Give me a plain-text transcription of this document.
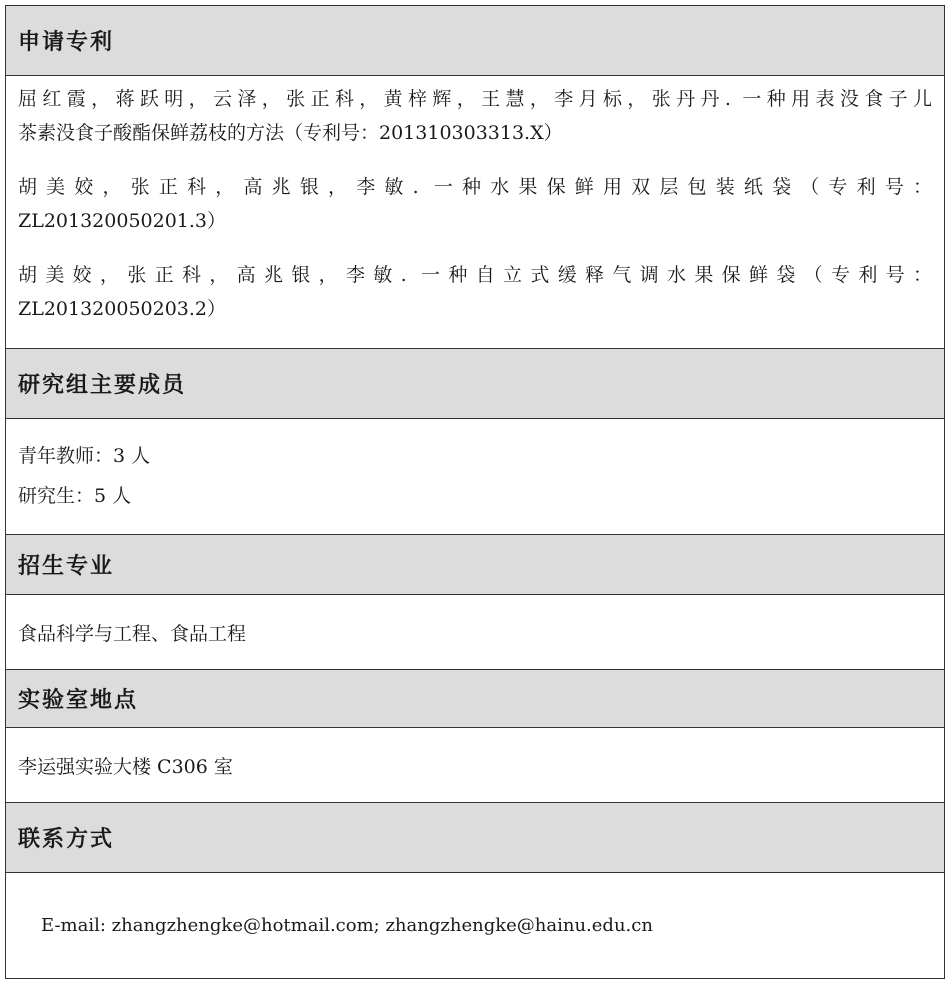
申请专利

屈红霞，蒋跃明，云泽，张正科，黄梓辉，王慧，李月标，张丹丹. 一种用表没食子儿
茶素没食子酸酯保鲜荔枝的方法（专利号：201310303313.X）

胡美姣，张正科，高兆银，李敏. 一种水果保鲜用双层包装纸袋（专利号：
ZL201320050201.3）

胡美姣，张正科，高兆银，李敏. 一种自立式缓释气调水果保鲜袋（专利号：
ZL201320050203.2）

研究组主要成员
青年教师：3 人
研究生：5 人
招生专业
食品科学与工程、食品工程
实验室地点
李运强实验大楼 C306 室
联系方式
E-mail: zhangzhengke@hotmail.com; zhangzhengke@hainu.edu.cn
